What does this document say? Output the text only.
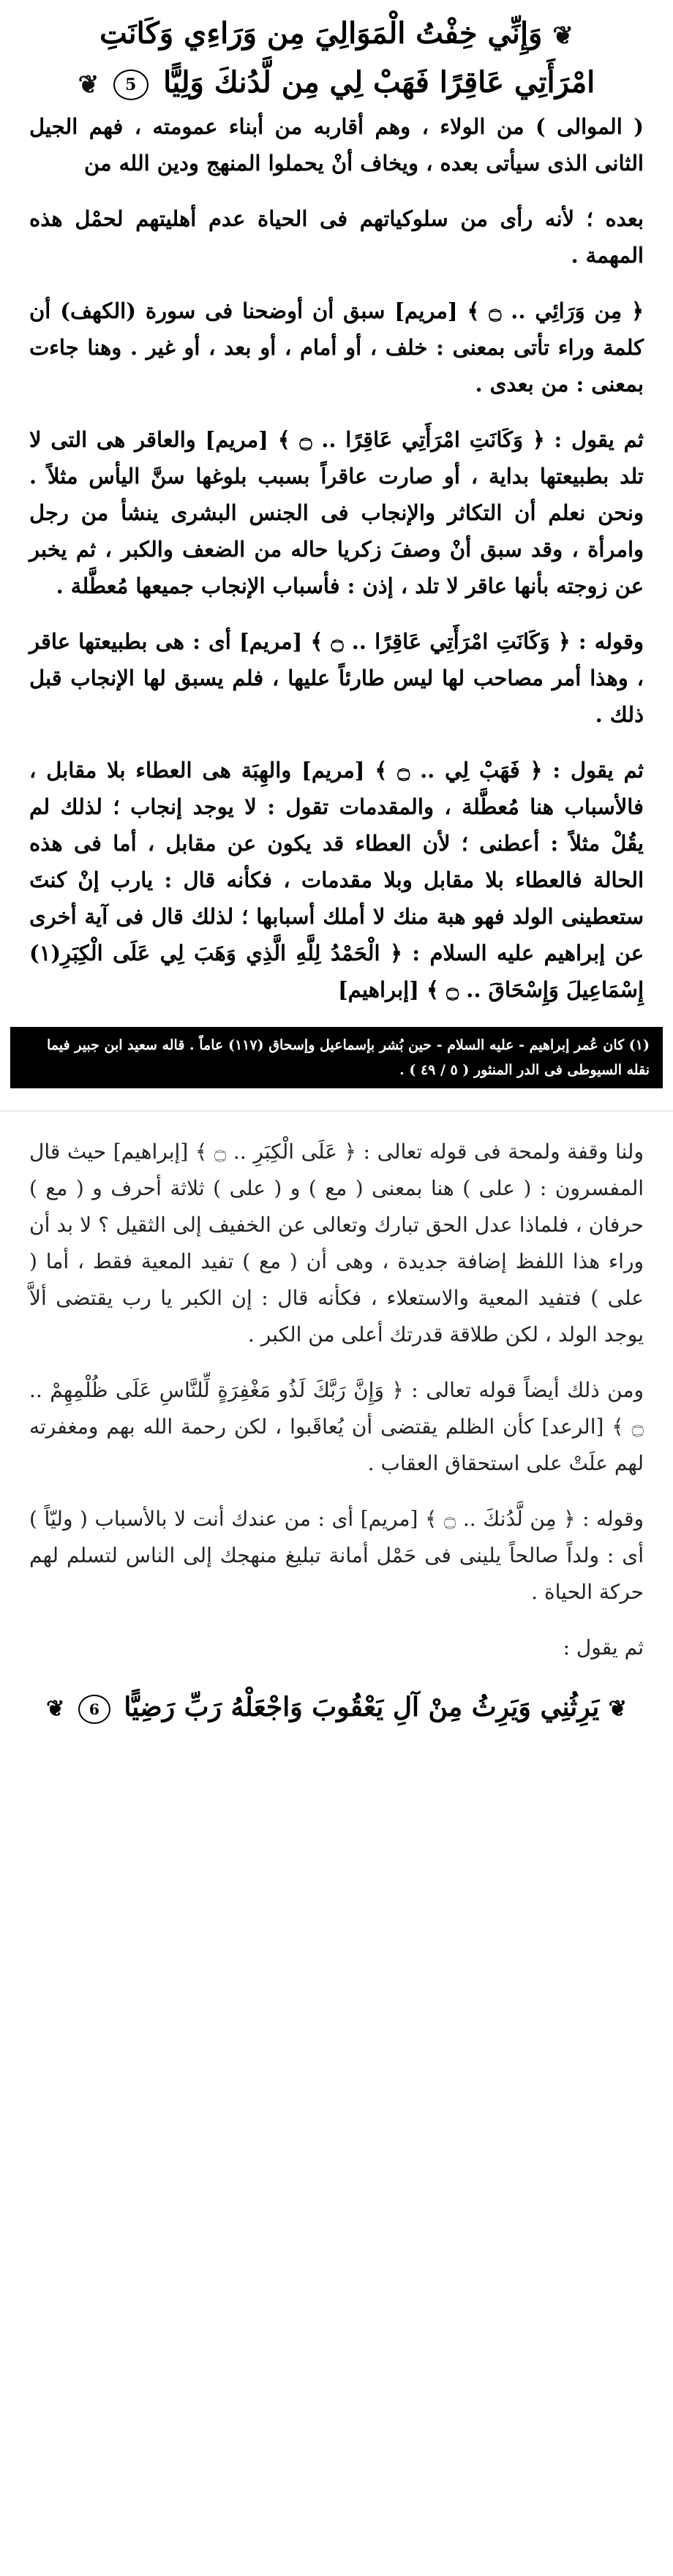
❦ وَإِنِّي خِفْتُ الْمَوَالِيَ مِن وَرَاءِي وَكَانَتِ
امْرَأَتِي عَاقِرًا فَهَبْ لِي مِن لَّدُنكَ وَلِيًّا 5 ❦

( الموالى ) من الولاء ، وهم أقاربه من أبناء عمومته ، فهم الجيل الثانى الذى سيأتى بعده ، ويخاف أنْ يحملوا المنهج ودين الله من

بعده ؛ لأنه رأى من سلوكياتهم فى الحياة عدم أهليتهم لحمْل هذه المهمة .

﴿ مِن وَرَائِي .. ۝ ﴾ [مريم] سبق أن أوضحنا فى سورة (الكهف) أن كلمة وراء تأتى بمعنى : خلف ، أو أمام ، أو بعد ، أو غير . وهنا جاءت بمعنى : من بعدى .

ثم يقول : ﴿ وَكَانَتِ امْرَأَتِي عَاقِرًا .. ۝ ﴾ [مريم] والعاقر هى التى لا تلد بطبيعتها بداية ، أو صارت عاقراً بسبب بلوغها سنَّ اليأس مثلاً . ونحن نعلم أن التكاثر والإنجاب فى الجنس البشرى ينشأ من رجل وامرأة ، وقد سبق أنْ وصفَ زكريا حاله من الضعف والكبر ، ثم يخبر عن زوجته بأنها عاقر لا تلد ، إذن : فأسباب الإنجاب جميعها مُعطَّلة .

وقوله : ﴿ وَكَانَتِ امْرَأَتِي عَاقِرًا .. ۝ ﴾ [مريم] أى : هى بطبيعتها عاقر ، وهذا أمر مصاحب لها ليس طارئاً عليها ، فلم يسبق لها الإنجاب قبل ذلك .

ثم يقول : ﴿ فَهَبْ لِي .. ۝ ﴾ [مريم] والهِبَة هى العطاء بلا مقابل ، فالأسباب هنا مُعطَّلة ، والمقدمات تقول : لا يوجد إنجاب ؛ لذلك لم يقُلْ مثلاً : أعطنى ؛ لأن العطاء قد يكون عن مقابل ، أما فى هذه الحالة فالعطاء بلا مقابل وبلا مقدمات ، فكأنه قال : يارب إنْ كنتَ ستعطينى الولد فهو هبة منك لا أملك أسبابها ؛ لذلك قال فى آية أخرى عن إبراهيم عليه السلام : ﴿ الْحَمْدُ لِلَّهِ الَّذِي وَهَبَ لِي عَلَى الْكِبَرِ(١) إِسْمَاعِيلَ وَإِسْحَاقَ .. ۝ ﴾ [إبراهيم]

(١) كان عُمر إبراهيم - عليه السلام - حين بُشر بإسماعيل وإسحاق (١١٧) عاماً . قاله سعيد ابن جبير فيما نقله السيوطى فى الدر المنثور ( ٥ / ٤٩ ) .

ولنا وقفة ولمحة فى قوله تعالى : ﴿ عَلَى الْكِبَرِ .. ۝ ﴾ [إبراهيم] حيث قال المفسرون : ( على ) هنا بمعنى ( مع ) و ( على ) ثلاثة أحرف و ( مع ) حرفان ، فلماذا عدل الحق تبارك وتعالى عن الخفيف إلى الثقيل ؟ لا بد أن وراء هذا اللفظ إضافة جديدة ، وهى أن ( مع ) تفيد المعية فقط ، أما ( على ) فتفيد المعية والاستعلاء ، فكأنه قال : إن الكبر يا رب يقتضى ألاَّ يوجد الولد ، لكن طلاقة قدرتك أعلى من الكبر .

ومن ذلك أيضاً قوله تعالى : ﴿ وَإِنَّ رَبَّكَ لَذُو مَغْفِرَةٍ لِّلنَّاسِ عَلَى ظُلْمِهِمْ .. ۝ ﴾ [الرعد] كأن الظلم يقتضى أن يُعاقَبوا ، لكن رحمة الله بهم ومغفرته لهم علَتْ على استحقاق العقاب .

وقوله : ﴿ مِن لَّدُنكَ .. ۝ ﴾ [مريم] أى : من عندك أنت لا بالأسباب ( وليّاً ) أى : ولداً صالحاً يلينى فى حَمْل أمانة تبليغ منهجك إلى الناس لتسلم لهم حركة الحياة .

ثم يقول :

❦ يَرِثُنِي وَيَرِثُ مِنْ آلِ يَعْقُوبَ وَاجْعَلْهُ رَبِّ رَضِيًّا 6 ❦
